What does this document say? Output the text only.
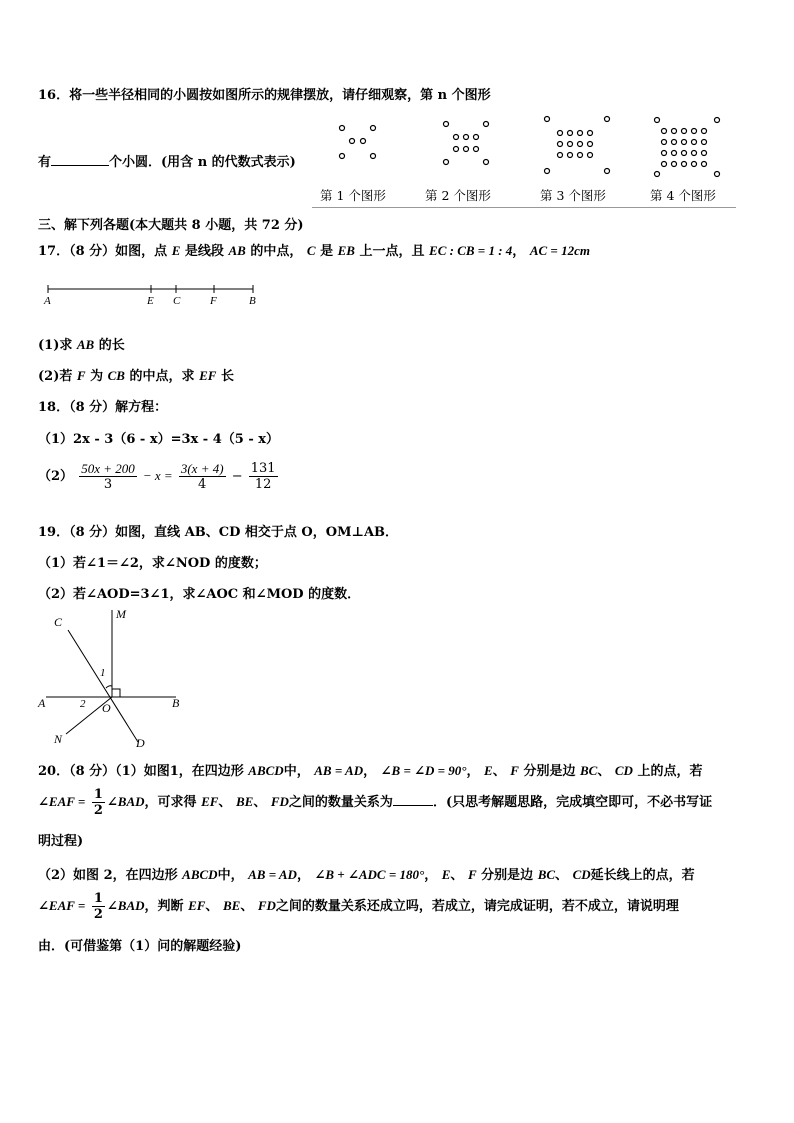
16．将一些半径相同的小圆按如图所示的规律摆放，请仔细观察，第 n 个图形
有	个小圆．(用含 n 的代数式表示)
第 1 个图形	第 2 个图形	第 3 个图形	第 4 个图形
三、解下列各题(本大题共 8 小题，共 72 分)
17．（8 分）如图，点 E 是线段 AB 的中点， C 是 EB 上一点，且 EC : CB = 1 : 4， AC = 12cm
A	E C	F	B
(1)求 AB 的长
(2)若 F 为 CB 的中点，求 EF 长
18．（8 分）解方程：
（1）2x - 3（6 - x）=3x - 4（5 - x）
$(2) \frac{50x + 200}{3} - x = \frac{3(x + 4)}{4} - \frac{131}{12}$
19．（8 分）如图，直线 AB、CD 相交于点 O，OM⊥AB．
（1）若∠1＝∠2，求∠NOD 的度数；
（2）若∠AOD=3∠1，求∠AOC 和∠MOD 的度数．
C
M
1
2
A	O	B
N	D
20．（8 分）（1）如图1，在四边形 ABCD中， AB = AD， ∠B = ∠D = 90°， E、 F 分别是边 BC、 CD 上的点，若
∠EAF = $\frac{1}{2}$ ∠BAD，可求得 EF、 BE、 FD之间的数量关系为	．(只思考解题思路，完成填空即可，不必书写证
明过程)
（2）如图 2，在四边形 ABCD中， AB = AD， ∠B + ∠ADC = 180°， E、 F 分别是边 BC、 CD延长线上的点，若
∠EAF = $\frac{1}{2}$ ∠BAD，判断 EF、 BE、 FD之间的数量关系还成立吗，若成立，请完成证明，若不成立，请说明理
由．(可借鉴第（1）问的解题经验)
